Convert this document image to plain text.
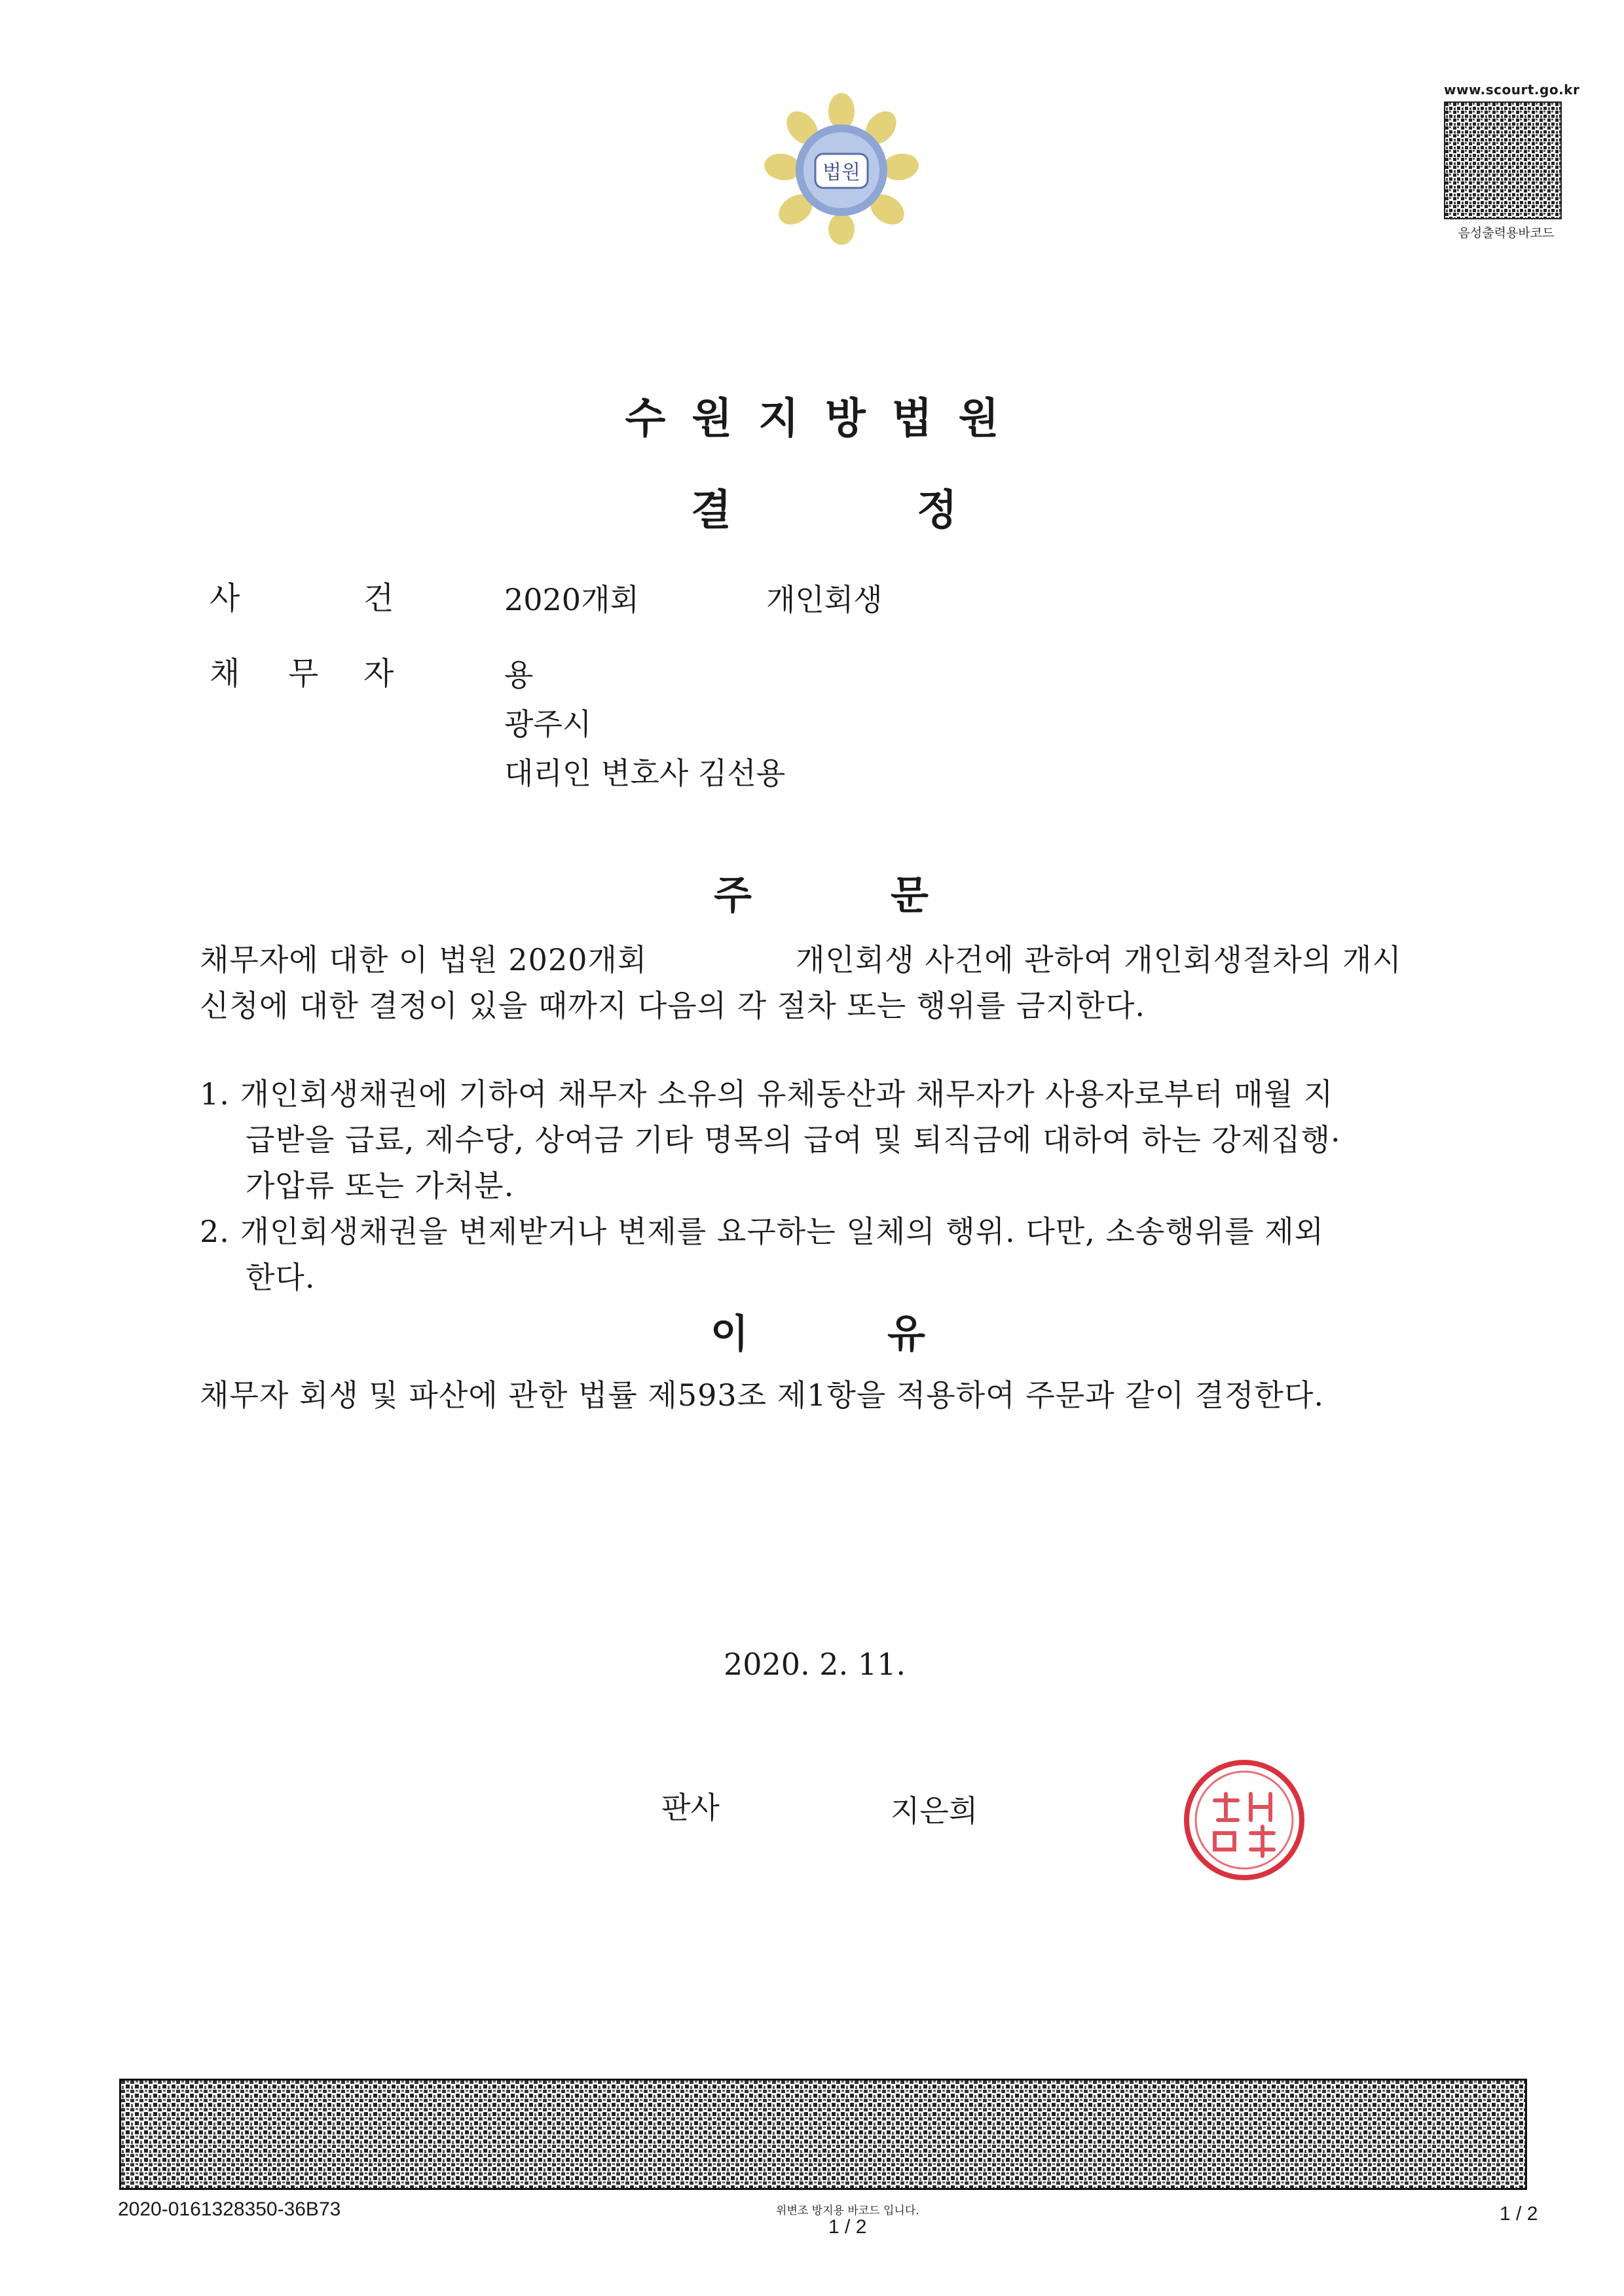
법원
www.scourt.go.kr
음성출력용바코드
수원지방법원
결	정
사	건	2020개회	개인회생
채 무 자	용
광주시
대리인 변호사 김선용
주	문
채무자에 대한 이 법원 2020개회	개인회생 사건에 관하여 개인회생절차의 개시
신청에 대한 결정이 있을 때까지 다음의 각 절차 또는 행위를 금지한다.
1. 개인회생채권에 기하여 채무자 소유의 유체동산과 채무자가 사용자로부터 매월 지
급받을 급료, 제수당, 상여금 기타 명목의 급여 및 퇴직금에 대하여 하는 강제집행·
가압류 또는 가처분.
2. 개인회생채권을 변제받거나 변제를 요구하는 일체의 행위. 다만, 소송행위를 제외
한다.
이	유
채무자 회생 및 파산에 관한 법률 제593조 제1항을 적용하여 주문과 같이 결정한다.
2020. 2. 11.
판사	지은희
2020-0161328350-36B73	위변조 방지용 바코드 입니다.
1 / 2
1 / 2
